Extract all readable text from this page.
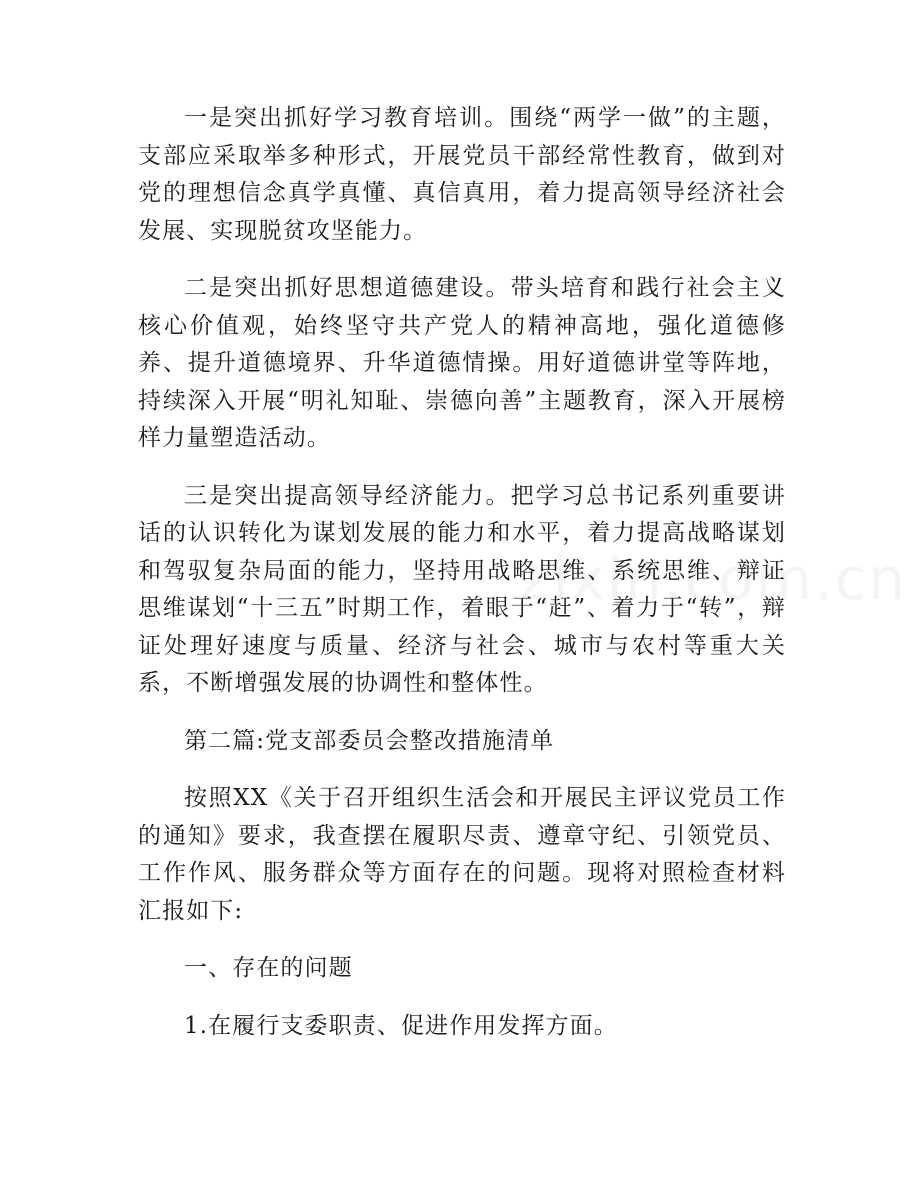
一是突出抓好学习教育培训。围绕“两学一做”的主题，支部应采取举多种形式，开展党员干部经常性教育，做到对党的理想信念真学真懂、真信真用，着力提高领导经济社会发展、实现脱贫攻坚能力。

二是突出抓好思想道德建设。带头培育和践行社会主义核心价值观，始终坚守共产党人的精神高地，强化道德修养、提升道德境界、升华道德情操。用好道德讲堂等阵地，持续深入开展“明礼知耻、崇德向善”主题教育，深入开展榜样力量塑造活动。

三是突出提高领导经济能力。把学习总书记系列重要讲话的认识转化为谋划发展的能力和水平，着力提高战略谋划和驾驭复杂局面的能力，坚持用战略思维、系统思维、辩证思维谋划“十三五”时期工作，着眼于“赶”、着力于“转”，辩证处理好速度与质量、经济与社会、城市与农村等重大关系，不断增强发展的协调性和整体性。

第二篇:党支部委员会整改措施清单

按照XX《关于召开组织生活会和开展民主评议党员工作的通知》要求，我查摆在履职尽责、遵章守纪、引领党员、工作作风、服务群众等方面存在的问题。现将对照检查材料汇报如下:

一、存在的问题

1.在履行支委职责、促进作用发挥方面。
